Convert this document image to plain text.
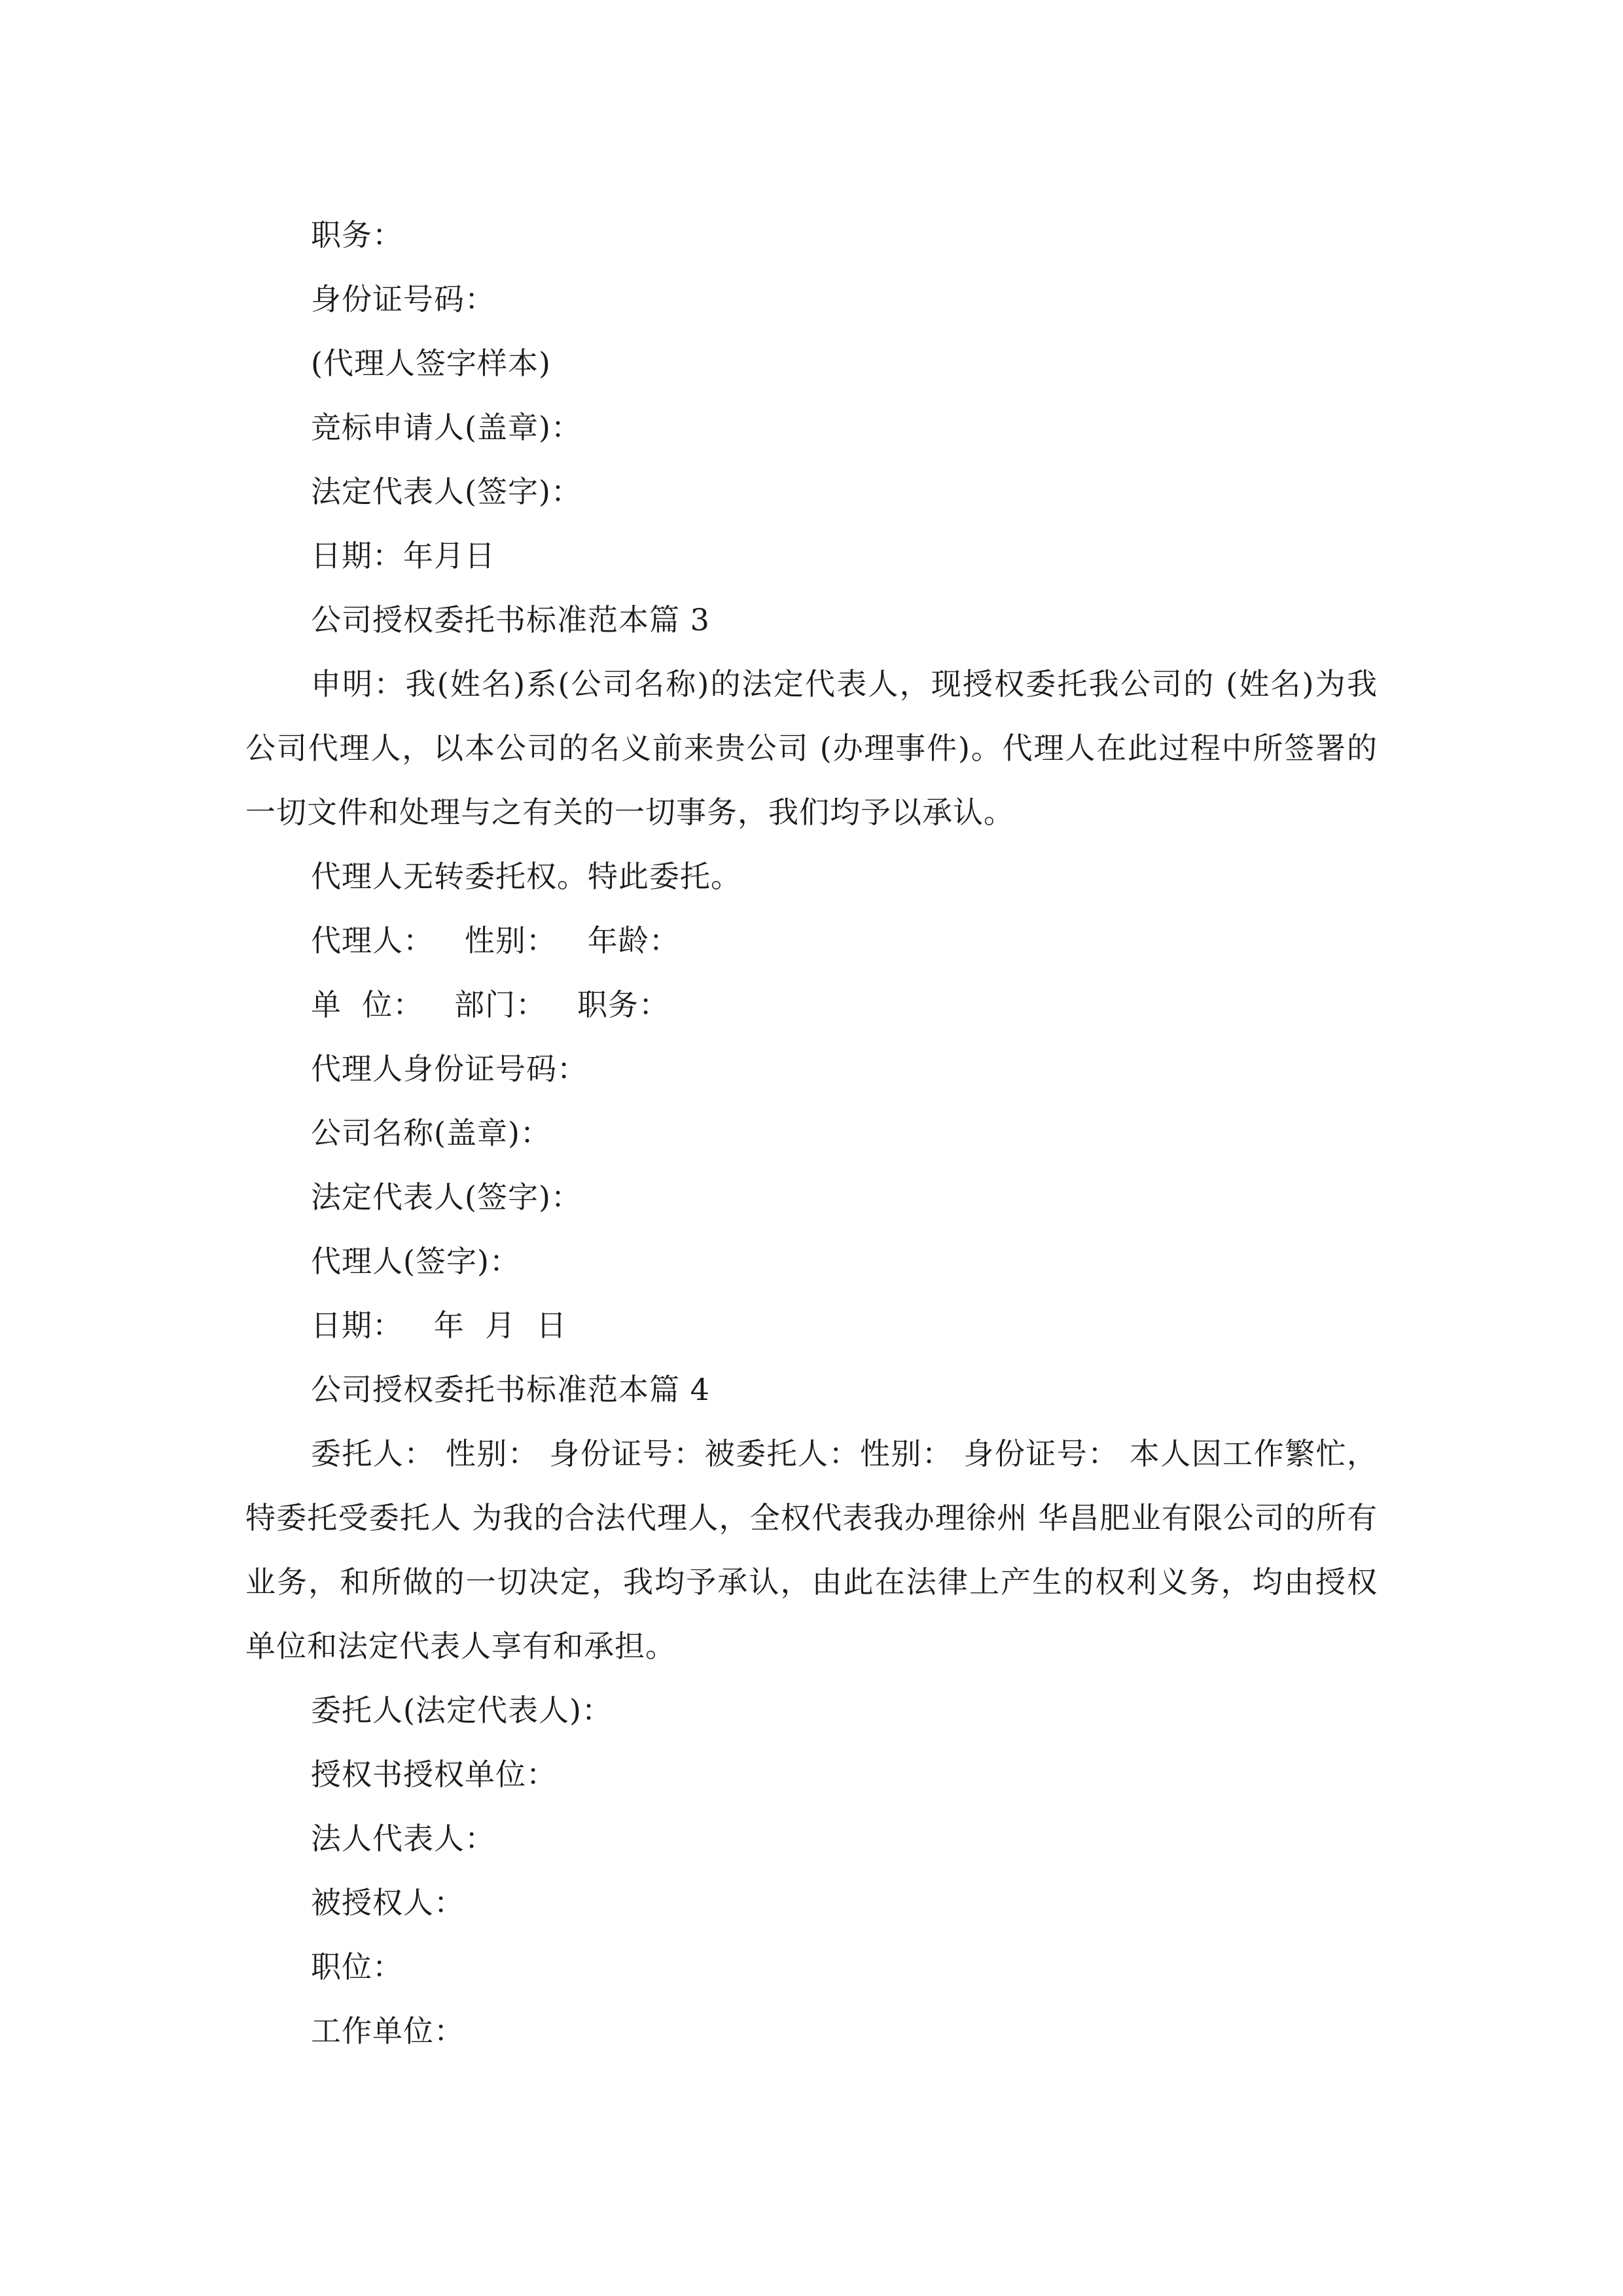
职务：
身份证号码：
(代理人签字样本)
竞标申请人(盖章)：
法定代表人(签字)：
日期：年月日
公司授权委托书标准范本篇 3

申明：我(姓名)系(公司名称)的法定代表人，现授权委托我公司的 (姓名)为我公司代理人，以本公司的名义前来贵公司 (办理事件)。代理人在此过程中所签署的一切文件和处理与之有关的一切事务，我们均予以承认。

代理人无转委托权。特此委托。
代理人：   性别：   年龄：
单  位：   部门：   职务：
代理人身份证号码：
公司名称(盖章)：
法定代表人(签字)：
代理人(签字)：
日期：   年  月  日
公司授权委托书标准范本篇 4

委托人： 性别： 身份证号：被委托人：性别： 身份证号： 本人因工作繁忙，特委托受委托人 为我的合法代理人，全权代表我办理徐州 华昌肥业有限公司的所有业务，和所做的一切决定，我均予承认，由此在法律上产生的权利义务，均由授权单位和法定代表人享有和承担。

委托人(法定代表人)：
授权书授权单位：
法人代表人：
被授权人：
职位：
工作单位：
